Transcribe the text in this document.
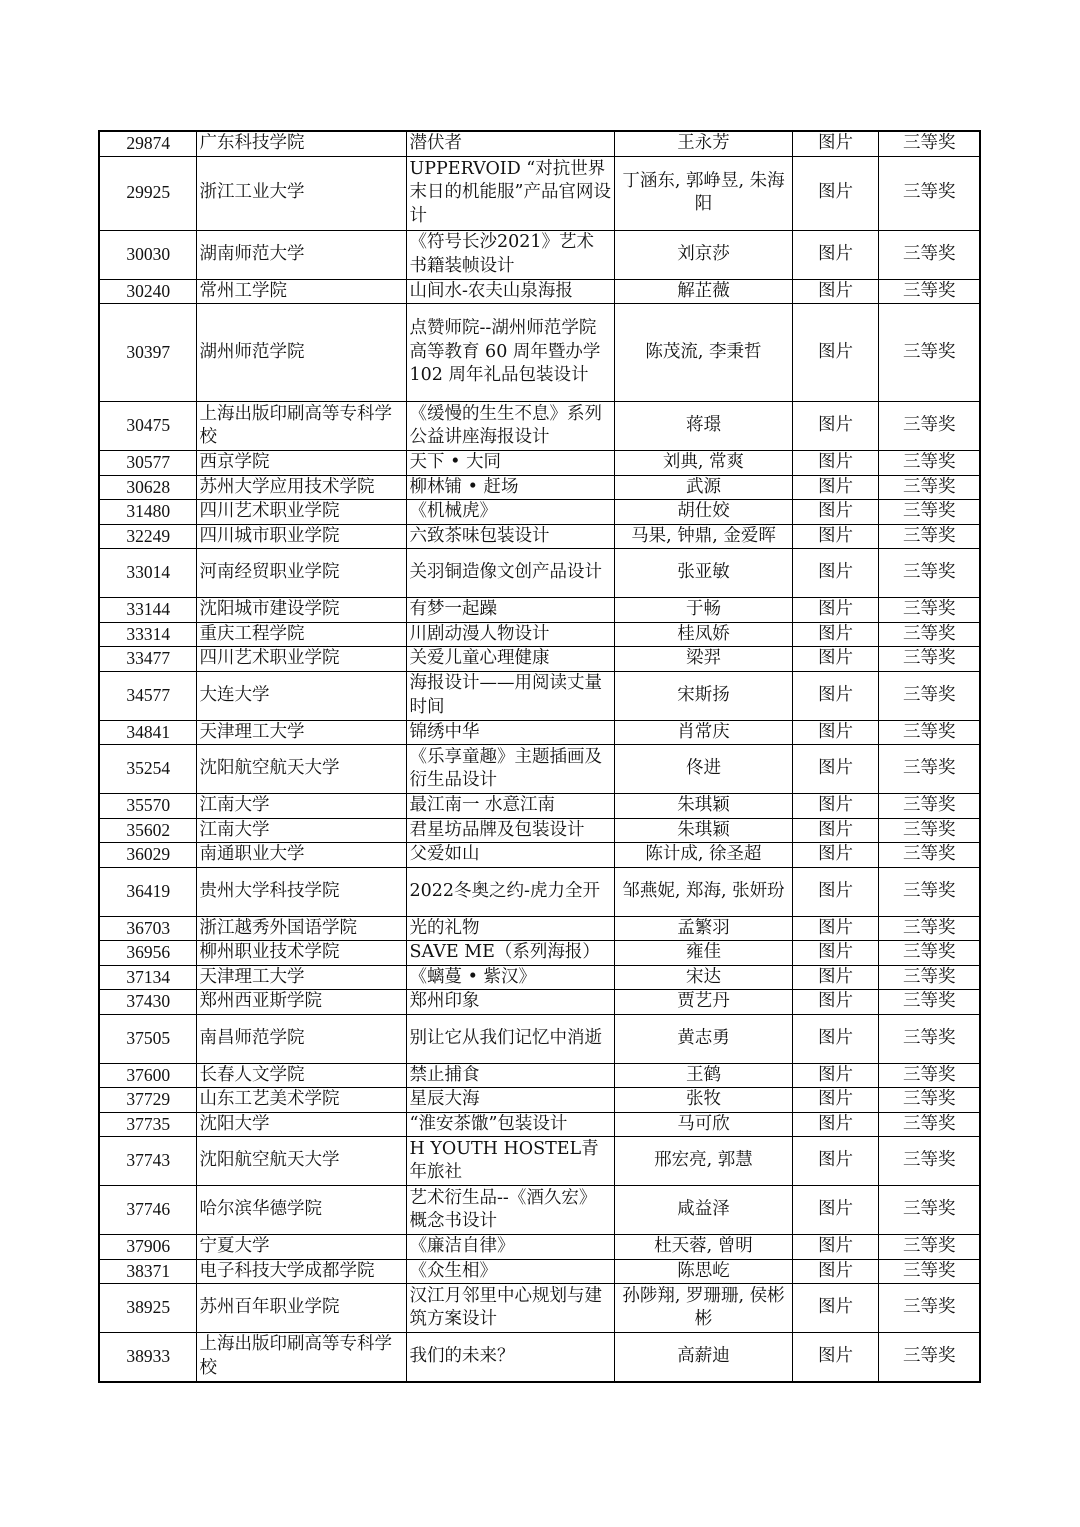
29874	广东科技学院	潜伏者	王永芳	图片	三等奖
29925	浙江工业大学	UPPERVOID “对抗世界末日的机能服”产品官网设计	丁涵东, 郭峥昱, 朱海阳	图片	三等奖
30030	湖南师范大学	《符号长沙2021》艺术书籍装帧设计	刘京莎	图片	三等奖
30240	常州工学院	山间水-农夫山泉海报	解芷薇	图片	三等奖
30397	湖州师范学院	点赞师院--湖州师范学院高等教育 60 周年暨办学 102 周年礼品包装设计	陈茂流, 李秉哲	图片	三等奖
30475	上海出版印刷高等专科学校	《缓慢的生生不息》系列公益讲座海报设计	蒋璟	图片	三等奖
30577	西京学院	天下 • 大同	刘典, 常爽	图片	三等奖
30628	苏州大学应用技术学院	柳林铺 • 赶场	武源	图片	三等奖
31480	四川艺术职业学院	《机械虎》	胡仕姣	图片	三等奖
32249	四川城市职业学院	六致茶味包装设计	马果, 钟鼎, 金爱晖	图片	三等奖
33014	河南经贸职业学院	关羽铜造像文创产品设计	张亚敏	图片	三等奖
33144	沈阳城市建设学院	有梦一起躁	于畅	图片	三等奖
33314	重庆工程学院	川剧动漫人物设计	桂凤娇	图片	三等奖
33477	四川艺术职业学院	关爱儿童心理健康	梁羿	图片	三等奖
34577	大连大学	海报设计——用阅读丈量时间	宋斯扬	图片	三等奖
34841	天津理工大学	锦绣中华	肖常庆	图片	三等奖
35254	沈阳航空航天大学	《乐享童趣》主题插画及衍生品设计	佟进	图片	三等奖
35570	江南大学	最江南一 水意江南	朱琪颖	图片	三等奖
35602	江南大学	君星坊品牌及包装设计	朱琪颖	图片	三等奖
36029	南通职业大学	父爱如山	陈计成, 徐圣超	图片	三等奖
36419	贵州大学科技学院	2022冬奥之约-虎力全开	邹燕妮, 郑海, 张妍玢	图片	三等奖
36703	浙江越秀外国语学院	光的礼物	孟繁羽	图片	三等奖
36956	柳州职业技术学院	SAVE ME（系列海报）	雍佳	图片	三等奖
37134	天津理工大学	《螭蔓 • 紫汉》	宋达	图片	三等奖
37430	郑州西亚斯学院	郑州印象	贾艺丹	图片	三等奖
37505	南昌师范学院	别让它从我们记忆中消逝	黄志勇	图片	三等奖
37600	长春人文学院	禁止捕食	王鹤	图片	三等奖
37729	山东工艺美术学院	星辰大海	张牧	图片	三等奖
37735	沈阳大学	“淮安茶馓”包装设计	马可欣	图片	三等奖
37743	沈阳航空航天大学	H YOUTH HOSTEL青年旅社	邢宏亮, 郭慧	图片	三等奖
37746	哈尔滨华德学院	艺术衍生品--《酒久宏》概念书设计	咸益泽	图片	三等奖
37906	宁夏大学	《廉洁自律》	杜天蓉, 曾明	图片	三等奖
38371	电子科技大学成都学院	《众生相》	陈思屹	图片	三等奖
38925	苏州百年职业学院	汉江月邻里中心规划与建筑方案设计	孙陟翔, 罗珊珊, 侯彬彬	图片	三等奖
38933	上海出版印刷高等专科学校	我们的未来？	高薪迪	图片	三等奖
